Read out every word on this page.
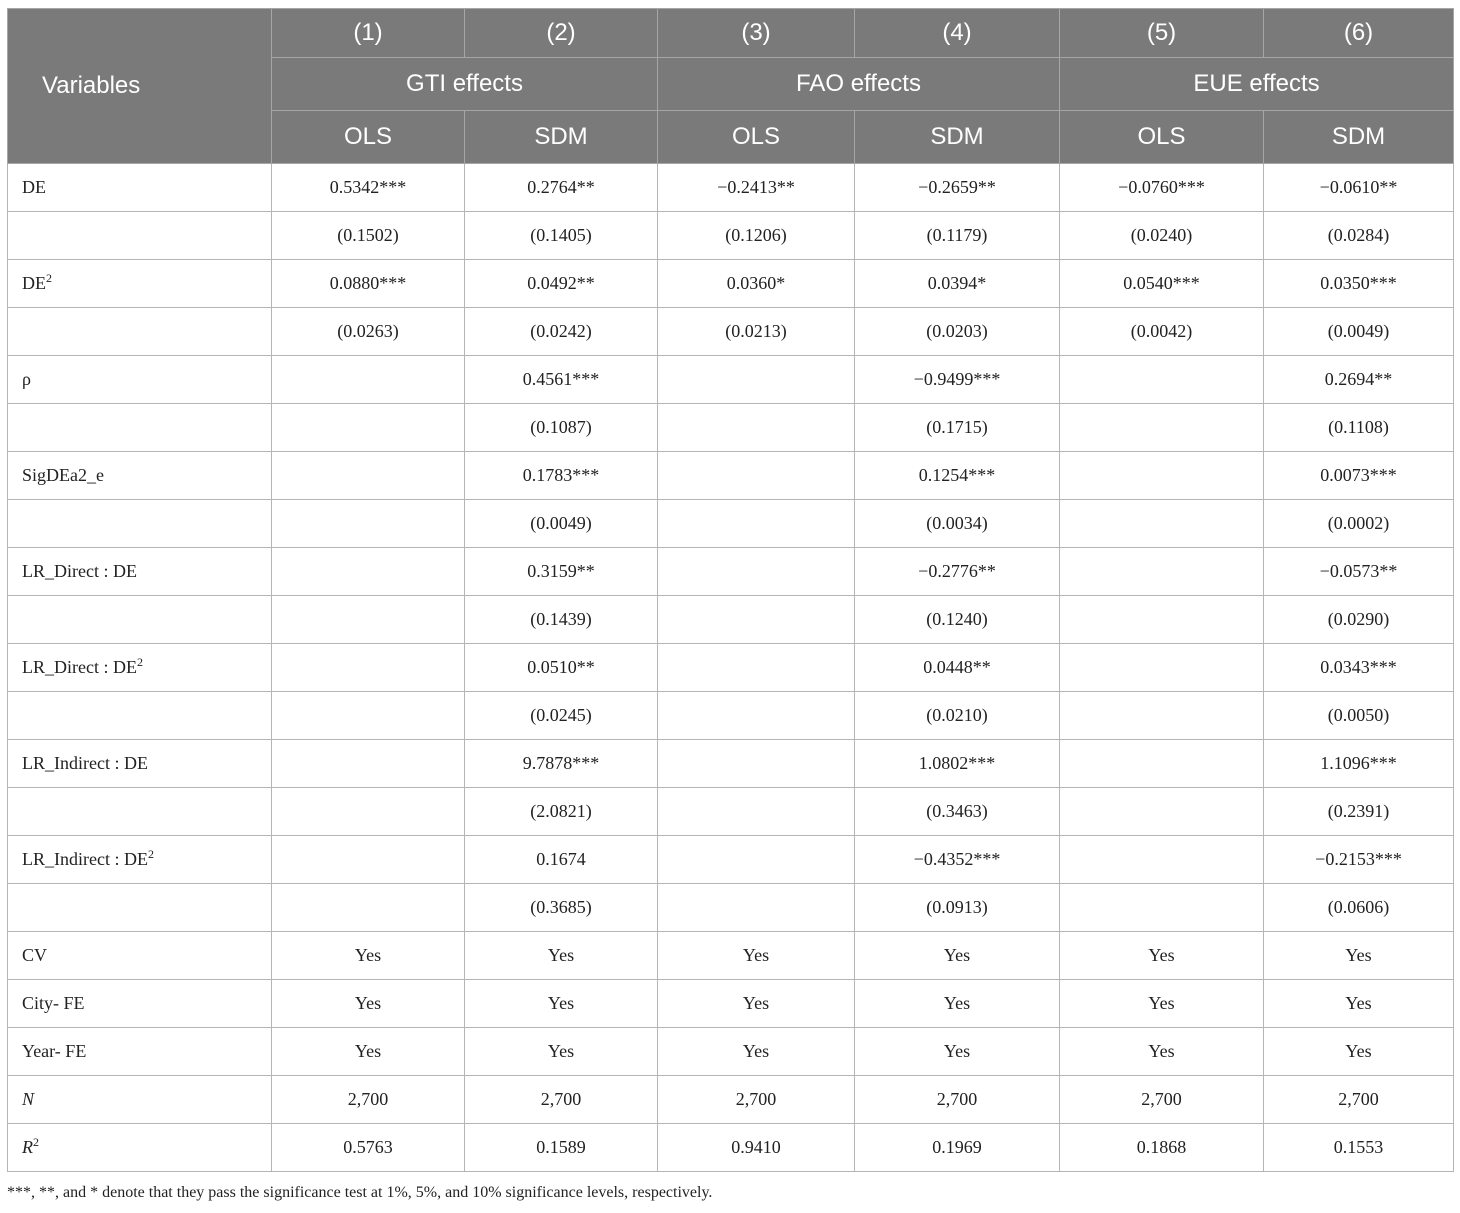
Variables	(1)	(2)	(3)	(4)	(5)	(6)
	GTI effects		FAO effects		EUE effects	
	OLS	SDM	OLS	SDM	OLS	SDM
DE	0.5342***	0.2764**	−0.2413**	−0.2659**	−0.0760***	−0.0610**
	(0.1502)	(0.1405)	(0.1206)	(0.1179)	(0.0240)	(0.0284)
$DE^2$	0.0880***	0.0492**	0.0360*	0.0394*	0.0540***	0.0350***
	(0.0263)	(0.0242)	(0.0213)	(0.0203)	(0.0042)	(0.0049)
ρ		0.4561***		−0.9499***		0.2694**
		(0.1087)		(0.1715)		(0.1108)
SigDEa2_e		0.1783***		0.1254***		0.0073***
		(0.0049)		(0.0034)		(0.0002)
LR_Direct : DE		0.3159**		−0.2776**		−0.0573**
		(0.1439)		(0.1240)		(0.0290)
LR_Direct : $DE^2$		0.0510**		0.0448**		0.0343***
		(0.0245)		(0.0210)		(0.0050)
LR_Indirect : DE		9.7878***		1.0802***		1.1096***
		(2.0821)		(0.3463)		(0.2391)
LR_Indirect : $DE^2$		0.1674		−0.4352***		−0.2153***
		(0.3685)		(0.0913)		(0.0606)
CV	Yes	Yes	Yes	Yes	Yes	Yes
City- FE	Yes	Yes	Yes	Yes	Yes	Yes
Year- FE	Yes	Yes	Yes	Yes	Yes	Yes
N	2,700	2,700	2,700	2,700	2,700	2,700
$R^2$	0.5763	0.1589	0.9410	0.1969	0.1868	0.1553
***, **, and * denote that they pass the significance test at 1%, 5%, and 10% significance levels, respectively.
